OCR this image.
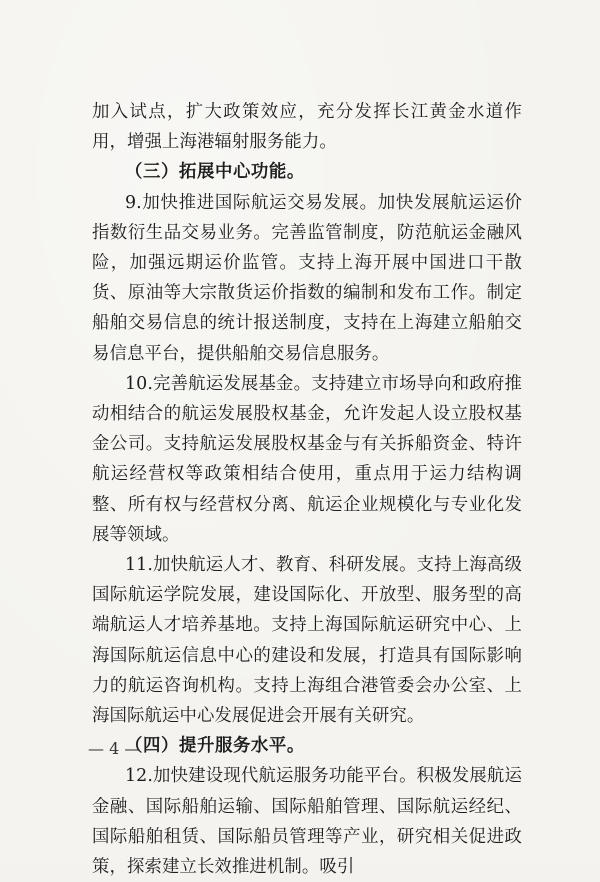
加入试点，扩大政策效应，充分发挥长江黄金水道作用，增强上海港辐射服务能力。

（三）拓展中心功能。

9.加快推进国际航运交易发展。加快发展航运运价指数衍生品交易业务。完善监管制度，防范航运金融风险，加强远期运价监管。支持上海开展中国进口干散货、原油等大宗散货运价指数的编制和发布工作。制定船舶交易信息的统计报送制度，支持在上海建立船舶交易信息平台，提供船舶交易信息服务。

10.完善航运发展基金。支持建立市场导向和政府推动相结合的航运发展股权基金，允许发起人设立股权基金公司。支持航运发展股权基金与有关拆船资金、特许航运经营权等政策相结合使用，重点用于运力结构调整、所有权与经营权分离、航运企业规模化与专业化发展等领域。

11.加快航运人才、教育、科研发展。支持上海高级国际航运学院发展，建设国际化、开放型、服务型的高端航运人才培养基地。支持上海国际航运研究中心、上海国际航运信息中心的建设和发展，打造具有国际影响力的航运咨询机构。支持上海组合港管委会办公室、上海国际航运中心发展促进会开展有关研究。

（四）提升服务水平。

12.加快建设现代航运服务功能平台。积极发展航运金融、国际船舶运输、国际船舶管理、国际航运经纪、国际船舶租赁、国际船员管理等产业，研究相关促进政策，探索建立长效推进机制。吸引

— 4 —
